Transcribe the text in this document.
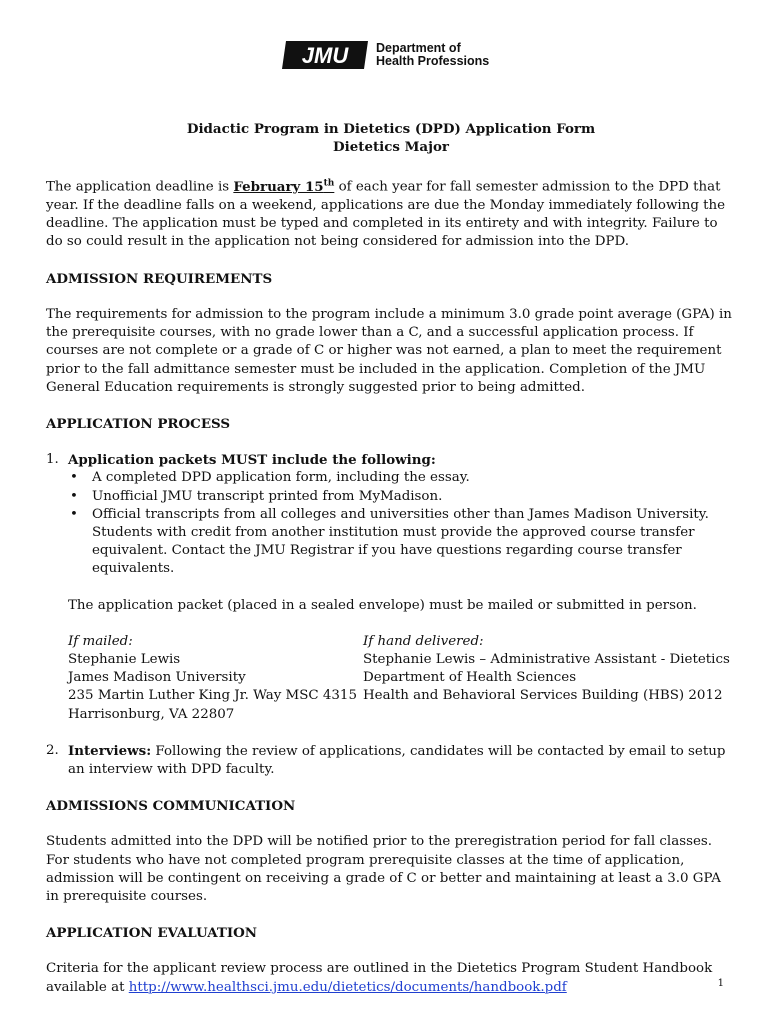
JMU Department of
Health Professions

Didactic Program in Dietetics (DPD) Application Form

Dietetics Major

The application deadline is February 15th of each year for fall semester admission to the DPD that year. If the deadline falls on a weekend, applications are due the Monday immediately following the deadline. The application must be typed and completed in its entirety and with integrity. Failure to do so could result in the application not being considered for admission into the DPD.

ADMISSION REQUIREMENTS

The requirements for admission to the program include a minimum 3.0 grade point average (GPA) in the prerequisite courses, with no grade lower than a C, and a successful application process. If courses are not complete or a grade of C or higher was not earned, a plan to meet the requirement prior to the fall admittance semester must be included in the application. Completion of the JMU General Education requirements is strongly suggested prior to being admitted.

APPLICATION PROCESS

1. Application packets MUST include the following:
•	A completed DPD application form, including the essay.
•	Unofficial JMU transcript printed from MyMadison.
•	Official transcripts from all colleges and universities other than James Madison University. Students with credit from another institution must provide the approved course transfer equivalent. Contact the JMU Registrar if you have questions regarding course transfer equivalents.

The application packet (placed in a sealed envelope) must be mailed or submitted in person.

If mailed:
Stephanie Lewis
James Madison University
235 Martin Luther King Jr. Way MSC 4315
Harrisonburg, VA 22807
If hand delivered:
Stephanie Lewis – Administrative Assistant - Dietetics
Department of Health Sciences
Health and Behavioral Services Building (HBS) 2012
2. Interviews: Following the review of applications, candidates will be contacted by email to setup an interview with DPD faculty.

ADMISSIONS COMMUNICATION

Students admitted into the DPD will be notified prior to the preregistration period for fall classes. For students who have not completed program prerequisite classes at the time of application, admission will be contingent on receiving a grade of C or better and maintaining at least a 3.0 GPA in prerequisite courses.

APPLICATION EVALUATION

Criteria for the applicant review process are outlined in the Dietetics Program Student Handbook available at http://www.healthsci.jmu.edu/dietetics/documents/handbook.pdf	1
